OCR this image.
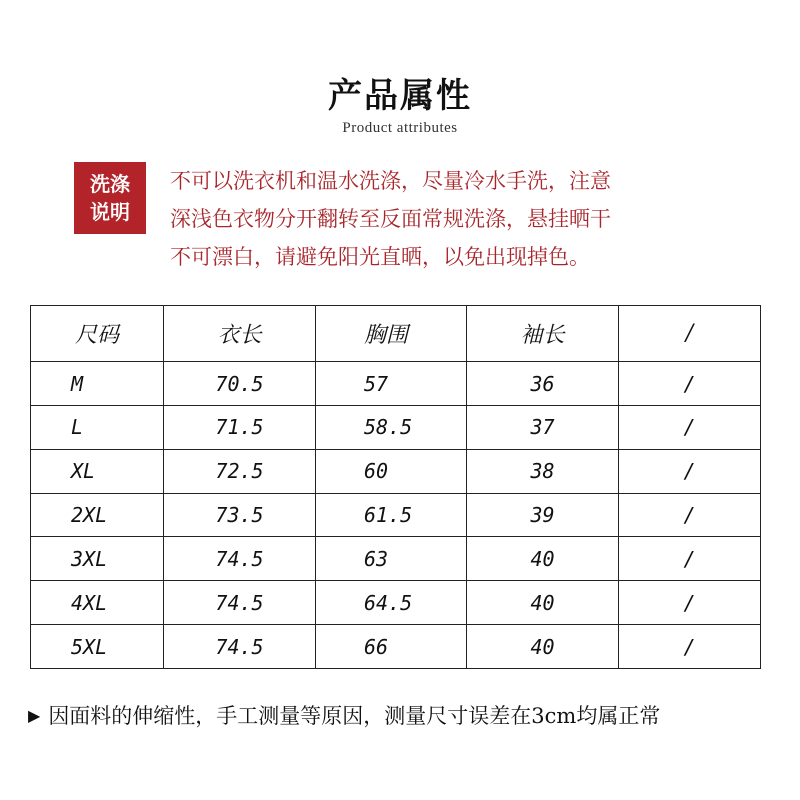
产品属性
Product attributes
洗涤
说明
不可以洗衣机和温水洗涤，尽量冷水手洗，注意
深浅色衣物分开翻转至反面常规洗涤，悬挂晒干
不可漂白，请避免阳光直晒，以免出现掉色。
尺码	衣长	胸围	袖长	/
M	70.5	57	36	/
L	71.5	58.5	37	/
XL	72.5	60	38	/
2XL	73.5	61.5	39	/
3XL	74.5	63	40	/
4XL	74.5	64.5	40	/
5XL	74.5	66	40	/
▶ 因面料的伸缩性，手工测量等原因，测量尺寸误差在3cm均属正常
